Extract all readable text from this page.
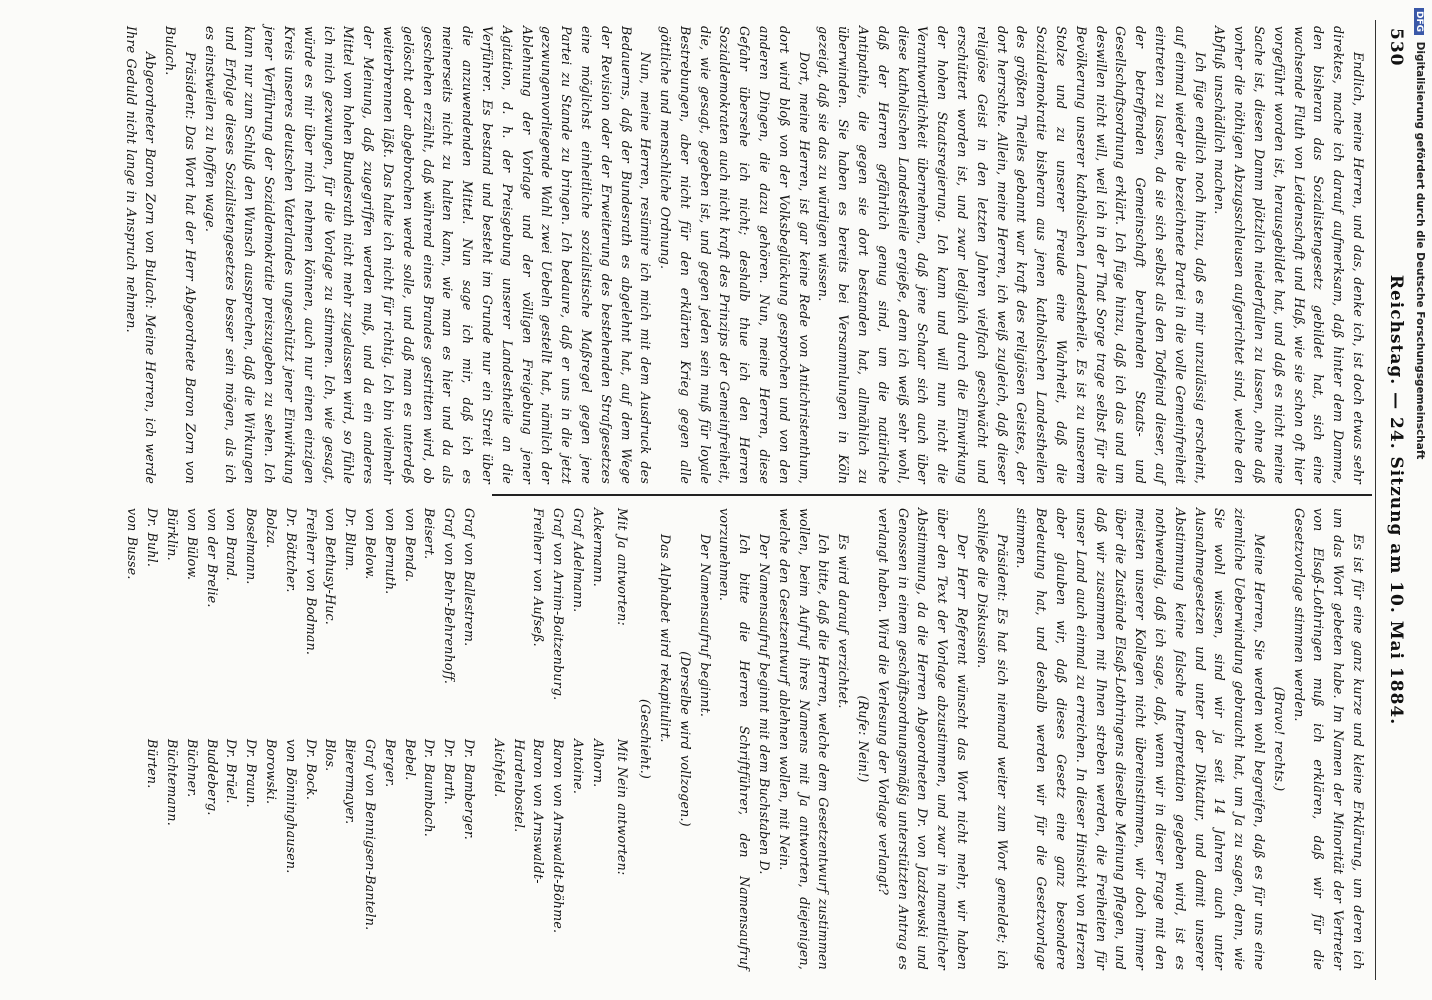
530
Reichstag. — 24. Sitzung am 10. Mai 1884.

Endlich, meine Herren, und das, denke ich, ist doch etwas sehr direktes, mache ich darauf aufmerksam, daß hinter dem Damme, den bisheran das Sozialistengesetz gebildet hat, sich eine wachsende Fluth von Leidenschaft und Haß, wie sie schon oft hier vorgeführt worden ist, herausgebildet hat, und daß es nicht meine Sache ist, diesen Damm plötzlich niederfallen zu lassen, ohne daß vorher die nöthigen Abzugsschleusen aufgerichtet sind, welche den Abfluß unschädlich machen.

Ich füge endlich noch hinzu, daß es mir unzulässig erscheint, auf einmal wieder die bezeichnete Partei in die volle Gemeinfreiheit eintreten zu lassen, da sie sich selbst als den Todfeind dieser, auf der betreffenden Gemeinschaft beruhenden Staats- und Gesellschaftsordnung erklärt. Ich füge hinzu, daß ich das und um deswillen nicht will, weil ich in der That Sorge trage selbst für die Bevölkerung unserer katholischen Landestheile. Es ist zu unserem Stolze und zu unserer Freude eine Wahrheit, daß die Sozialdemokratie bisheran aus jenen katholischen Landestheilen des größten Theiles gebannt war kraft des religiösen Geistes, der dort herrschte. Allein, meine Herren, ich weiß zugleich, daß dieser religiöse Geist in den letzten Jahren vielfach geschwächt und erschüttert worden ist, und zwar lediglich durch die Einwirkung der hohen Staatsregierung. Ich kann und will nun nicht die Verantwortlichkeit übernehmen, daß jene Schaar sich auch über diese katholischen Landestheile ergieße, denn ich weiß sehr wohl, daß der Herren gefährlich genug sind, um die natürliche Antipathie, die gegen sie dort bestanden hat, allmählich zu überwinden. Sie haben es bereits bei Versammlungen in Köln gezeigt, daß sie das zu würdigen wissen.

Dort, meine Herren, ist gar keine Rede von Antichristenthum, dort wird bloß von der Volksbeglückung gesprochen und von den anderen Dingen, die dazu gehören. Nun, meine Herren, diese Gefahr übersehe ich nicht; deshalb thue ich den Herren Sozialdemokraten auch nicht kraft des Prinzips der Gemeinfreiheit, die, wie gesagt, gegeben ist, und gegen jeden sein muß für loyale Bestrebungen, aber nicht für den erklärten Krieg gegen alle göttliche und menschliche Ordnung.

Nun, meine Herren, resümire ich mich mit dem Ausdruck des Bedauerns, daß der Bundesrath es abgelehnt hat, auf dem Wege der Revision oder der Erweiterung des bestehenden Strafgesetzes eine möglichst einheitliche sozialistische Maßregel gegen jene Partei zu Stande zu bringen. Ich bedaure, daß er uns in die jetzt gezwungenvorliegende Wahl zwei Uebeln gestellt hat, nämlich der Ablehnung der Vorlage und der völligen Freigebung jener Agitation, d. h. der Preisgebung unserer Landestheile an die Verführer. Es bestand und besteht im Grunde nur ein Streit über die anzuwendenden Mittel. Nun sage ich mir, daß ich es meinerseits nicht zu halten kann, wie man es hier und da als geschehen erzählt, daß während eines Brandes gestritten wird, ob gelöscht oder abgebrochen werde solle, und daß man es unterdeß weiterbrennen läßt. Das halte ich nicht für richtig. Ich bin vielmehr der Meinung, daß zugegriffen werden muß, und da ein anderes Mittel vom hohen Bundesrath nicht mehr zugelassen wird, so fühle ich mich gezwungen, für die Vorlage zu stimmen. Ich, wie gesagt, würde es mir über mich nehmen können, auch nur einen einzigen Kreis unseres deutschen Vaterlandes ungeschützt jener Einwirkung jener Verführung der Sozialdemokratie preiszugeben zu sehen. Ich kann nur zum Schluß den Wunsch aussprechen, daß die Wirkungen und Erfolge dieses Sozialistengesetzes besser sein mögen, als ich es einstweilen zu hoffen wage.

Präsident: Das Wort hat der Herr Abgeordnete Baron Zorn von Bulach.

Abgeordneter Baron Zorn von Bulach: Meine Herren, ich werde Ihre Geduld nicht lange in Anspruch nehmen.

Es ist für eine ganz kurze und kleine Erklärung, um deren ich um das Wort gebeten habe. Im Namen der Minorität der Vertreter von Elsaß-Lothringen muß ich erklären, daß wir für die Gesetzvorlage stimmen werden.

(Bravo! rechts.)

Meine Herren, Sie werden wohl begreifen, daß es für uns eine ziemliche Ueberwindung gebraucht hat, um Ja zu sagen, denn, wie Sie wohl wissen, sind wir ja seit 14 Jahren auch unter Ausnahmegesetzen und unter der Diktatur, und damit unserer Abstimmung keine falsche Interpretation gegeben wird, ist es nothwendig, daß ich sage, daß, wenn wir in dieser Frage mit den meisten unserer Kollegen nicht übereinstimmen, wir doch immer über die Zustände Elsaß-Lothringens dieselbe Meinung pflegen, und daß wir zusammen mit Ihnen streben werden, die Freiheiten für unser Land auch einmal zu erreichen. In dieser Hinsicht von Herzen aber glauben wir, daß dieses Gesetz eine ganz besondere Bedeutung hat, und deshalb werden wir für die Gesetzvorlage stimmen.

Präsident: Es hat sich niemand weiter zum Wort gemeldet; ich schließe die Diskussion.

Der Herr Referent wünscht das Wort nicht mehr, wir haben über den Text der Vorlage abzustimmen, und zwar in namentlicher Abstimmung, da die Herren Abgeordneten Dr. von Jazdzewski und Genossen in einem geschäftsordnungsmäßig unterstützten Antrag es verlangt haben. Wird die Verlesung der Vorlage verlangt?

(Rufe: Nein!)

Es wird darauf verzichtet.

Ich bitte, daß die Herren, welche dem Gesetzentwurf zustimmen wollen, beim Aufruf ihres Namens mit Ja antworten, diejenigen, welche den Gesetzentwurf ablehnen wollen, mit Nein.

Der Namensaufruf beginnt mit dem Buchstaben D.

Ich bitte die Herren Schriftführer, den Namensaufruf vorzunehmen.

Der Namensaufruf beginnt.

(Derselbe wird vollzogen.)

Das Alphabet wird rekapitulirt.

(Geschieht.)

Mit Ja antworten:
Mit Nein antworten:
Ackermann.
Graf Adelmann.
Graf von Arnim-Boitzenburg.
Freiherr von Aufseß.
Alhorn.
Antoine.
Baron von Arnswaldt-Böhme.
Baron von Arnswaldt-Hardenbostel.
Aichfeld.
Graf von Ballestrem.
Graf von Behr-Behrenhoff.
Beisert.
von Benda.
von Bernuth.
von Below.
Dr. Blum.
von Bethusy-Huc.
Freiherr von Bodman.
Dr. Böttcher.
Bolza.
Boselmann.
von Brand.
von der Brelie.
von Bülow.
Bürklin.
Dr. Buhl.
von Busse.
Dr. Bamberger.
Dr. Barth.
Dr. Baumbach.
Bebel.
Berger.
Graf von Bennigsen-Banteln.
Bierermayer.
Blos.
Dr. Bock.
von Bönninghausen.
Borowski.
Dr. Braun.
Dr. Brüel.
Buddeberg.
Büchner.
Büchtemann.
Bürten.
DFG Digitalisierung gefördert durch die Deutsche Forschungsgemeinschaft
